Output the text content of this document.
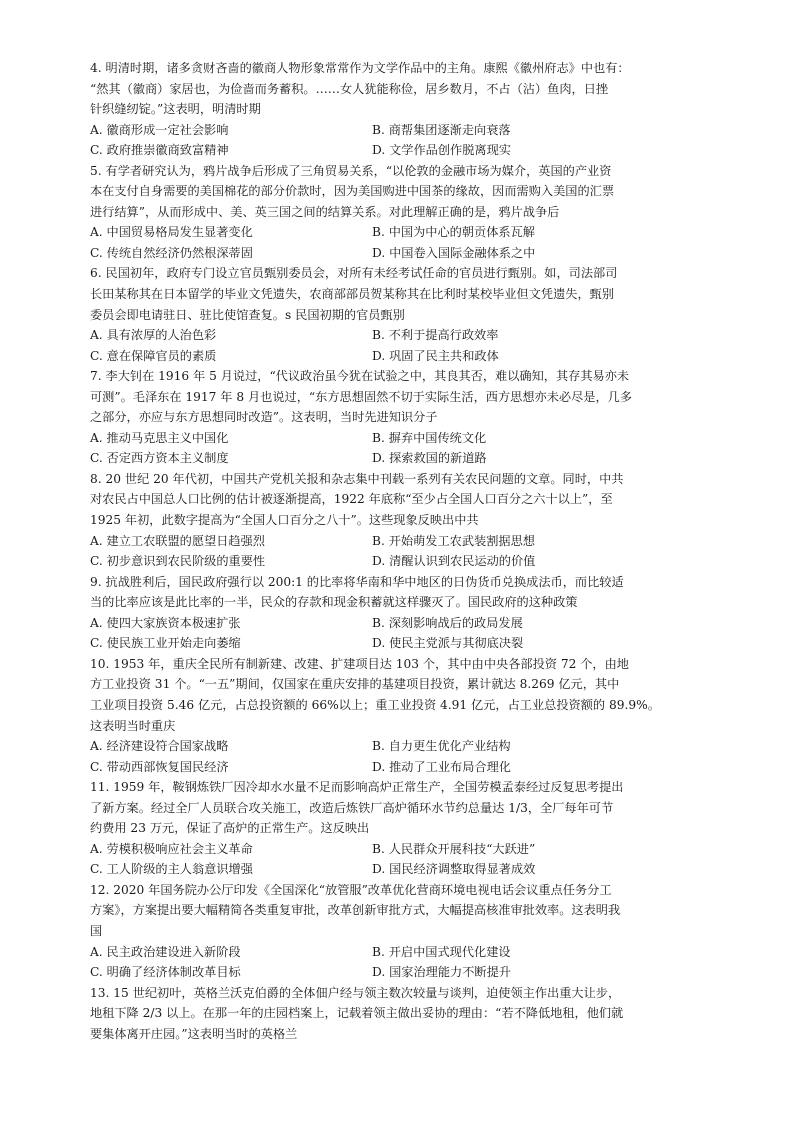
4. 明清时期，诸多贪财吝啬的徽商人物形象常常作为文学作品中的主角。康熙《徽州府志》中也有：
“然其（徽商）家居也，为俭啬而务蓄积。……女人犹能称俭，居乡数月，不占（沾）鱼肉，日挫
针织缝纫锭。”这表明，明清时期
A. 徽商形成一定社会影响	B. 商帮集团逐渐走向衰落
C. 政府推崇徽商致富精神	D. 文学作品创作脱离现实
5. 有学者研究认为，鸦片战争后形成了三角贸易关系，“以伦敦的金融市场为媒介，英国的产业资
本在支付自身需要的美国棉花的部分价款时，因为美国购进中国茶的缘故，因而需购入美国的汇票
进行结算”，从而形成中、美、英三国之间的结算关系。对此理解正确的是，鸦片战争后
A. 中国贸易格局发生显著变化	B. 中国为中心的朝贡体系瓦解
C. 传统自然经济仍然根深蒂固	D. 中国卷入国际金融体系之中
6. 民国初年，政府专门设立官员甄别委员会，对所有未经考试任命的官员进行甄别。如，司法部司
长田某称其在日本留学的毕业文凭遗失，农商部部员贺某称其在比利时某校毕业但文凭遗失，甄别
委员会即电请驻日、驻比使馆查复。s 民国初期的官员甄别
A. 具有浓厚的人治色彩	B. 不利于提高行政效率
C. 意在保障官员的素质	D. 巩固了民主共和政体
7. 李大钊在 1916 年 5 月说过，“代议政治虽今犹在试验之中，其良其否，难以确知，其存其易亦未
可测”。毛泽东在 1917 年 8 月也说过，“东方思想固然不切于实际生活，西方思想亦未必尽是，几多
之部分，亦应与东方思想同时改造”。这表明，当时先进知识分子
A. 推动马克思主义中国化	B. 摒弃中国传统文化
C. 否定西方资本主义制度	D. 探索救国的新道路
8. 20 世纪 20 年代初，中国共产党机关报和杂志集中刊载一系列有关农民问题的文章。同时，中共
对农民占中国总人口比例的估计被逐渐提高，1922 年底称“至少占全国人口百分之六十以上”，至
1925 年初，此数字提高为“全国人口百分之八十”。这些现象反映出中共
A. 建立工农联盟的愿望日趋强烈	B. 开始萌发工农武装割据思想
C. 初步意识到农民阶级的重要性	D. 清醒认识到农民运动的价值
9. 抗战胜利后，国民政府强行以 200:1 的比率将华南和华中地区的日伪货币兑换成法币，而比较适
当的比率应该是此比率的一半，民众的存款和现金积蓄就这样骤灭了。国民政府的这种政策
A. 使四大家族资本极速扩张	B. 深刻影响战后的政局发展
C. 使民族工业开始走向萎缩	D. 使民主党派与其彻底决裂
10. 1953 年，重庆全民所有制新建、改建、扩建项目达 103 个，其中由中央各部投资 72 个，由地
方工业投资 31 个。“一五”期间，仅国家在重庆安排的基建项目投资，累计就达 8.269 亿元，其中
工业项目投资 5.46 亿元，占总投资额的 66%以上；重工业投资 4.91 亿元，占工业总投资额的 89.9%。
这表明当时重庆
A. 经济建设符合国家战略	B. 自力更生优化产业结构
C. 带动西部恢复国民经济	D. 推动了工业布局合理化
11. 1959 年，鞍钢炼铁厂因冷却水水量不足而影响高炉正常生产，全国劳模孟泰经过反复思考提出
了新方案。经过全厂人员联合攻关施工，改造后炼铁厂高炉循环水节约总量达 1/3，全厂每年可节
约费用 23 万元，保证了高炉的正常生产。这反映出
A. 劳模积极响应社会主义革命	B. 人民群众开展科技“大跃进”
C. 工人阶级的主人翁意识增强	D. 国民经济调整取得显著成效
12. 2020 年国务院办公厅印发《全国深化“放管服”改革优化营商环境电视电话会议重点任务分工
方案》，方案提出要大幅精简各类重复审批，改革创新审批方式，大幅提高核准审批效率。这表明我
国
A. 民主政治建设进入新阶段	B. 开启中国式现代化建设
C. 明确了经济体制改革目标	D. 国家治理能力不断提升
13. 15 世纪初叶，英格兰沃克伯爵的全体佃户经与领主数次较量与谈判，迫使领主作出重大让步，
地租下降 2/3 以上。在那一年的庄园档案上，记载着领主做出妥协的理由：“若不降低地租，他们就
要集体离开庄园。”这表明当时的英格兰
